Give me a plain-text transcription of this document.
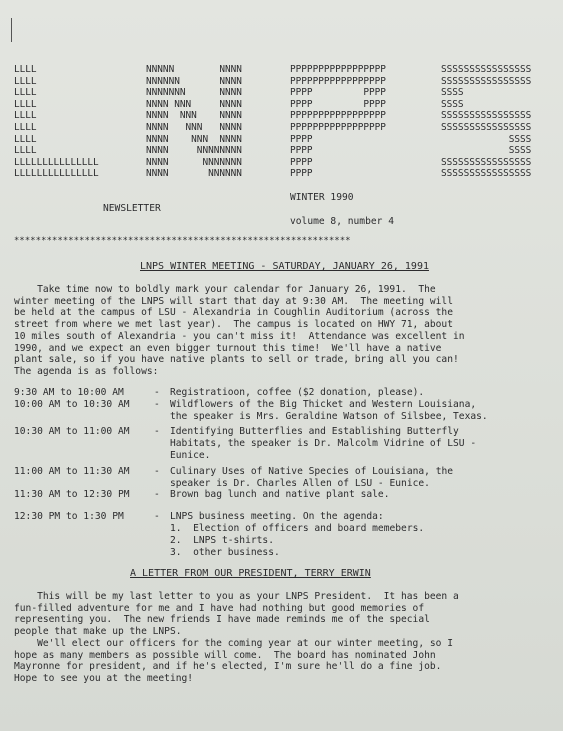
LLLL
LLLL
LLLL
LLLL
LLLL
LLLL
LLLL
LLLL
LLLLLLLLLLLLLLL
LLLLLLLLLLLLLLL
NNNNN        NNNN
NNNNNN       NNNN
NNNNNNN      NNNN
NNNN NNN     NNNN
NNNN  NNN    NNNN
NNNN   NNN   NNNN
NNNN    NNN  NNNN
NNNN     NNNNNNNN
NNNN      NNNNNNN
NNNN       NNNNNN
PPPPPPPPPPPPPPPPP
PPPPPPPPPPPPPPPPP
PPPP         PPPP
PPPP         PPPP
PPPPPPPPPPPPPPPPP
PPPPPPPPPPPPPPPPP
PPPP
PPPP
PPPP
PPPP
SSSSSSSSSSSSSSSS
SSSSSSSSSSSSSSSS
SSSS
SSSS
SSSSSSSSSSSSSSSS
SSSSSSSSSSSSSSSS
SSSS
SSSS
SSSSSSSSSSSSSSSS
SSSSSSSSSSSSSSSS
WINTER 1990
NEWSLETTER
volume 8, number 4
**************************************************************
LNPS WINTER MEETING - SATURDAY, JANUARY 26, 1991
Take time now to boldly mark your calendar for January 26, 1991.  The
winter meeting of the LNPS will start that day at 9:30 AM.  The meeting will
be held at the campus of LSU - Alexandria in Coughlin Auditorium (across the
street from where we met last year).  The campus is located on HWY 71, about
10 miles south of Alexandria - you can't miss it!  Attendance was excellent in
1990, and we expect an even bigger turnout this time!  We'll have a native
plant sale, so if you have native plants to sell or trade, bring all you can!
The agenda is as follows:
9:30 AM to 10:00 AM	-	Registratioon, coffee ($2 donation, please).
10:00 AM to 10:30 AM	-	Wildflowers of the Big Thicket and Western Louisiana,
the speaker is Mrs. Geraldine Watson of Silsbee, Texas.
10:30 AM to 11:00 AM	-	Identifying Butterflies and Establishing Butterfly
Habitats, the speaker is Dr. Malcolm Vidrine of LSU -
Eunice.
11:00 AM to 11:30 AM	-	Culinary Uses of Native Species of Louisiana, the
speaker is Dr. Charles Allen of LSU - Eunice.
11:30 AM to 12:30 PM	-	Brown bag lunch and native plant sale.
12:30 PM to 1:30 PM	-	LNPS business meeting. On the agenda:
1.  Election of officers and board memebers.
2.  LNPS t-shirts.
3.  other business.
A LETTER FROM OUR PRESIDENT, TERRY ERWIN
This will be my last letter to you as your LNPS President.  It has been a
fun-filled adventure for me and I have had nothing but good memories of
representing you.  The new friends I have made reminds me of the special
people that make up the LNPS.
We'll elect our officers for the coming year at our winter meeting, so I
hope as many members as possible will come.  The board has nominated John
Mayronne for president, and if he's elected, I'm sure he'll do a fine job.
Hope to see you at the meeting!
